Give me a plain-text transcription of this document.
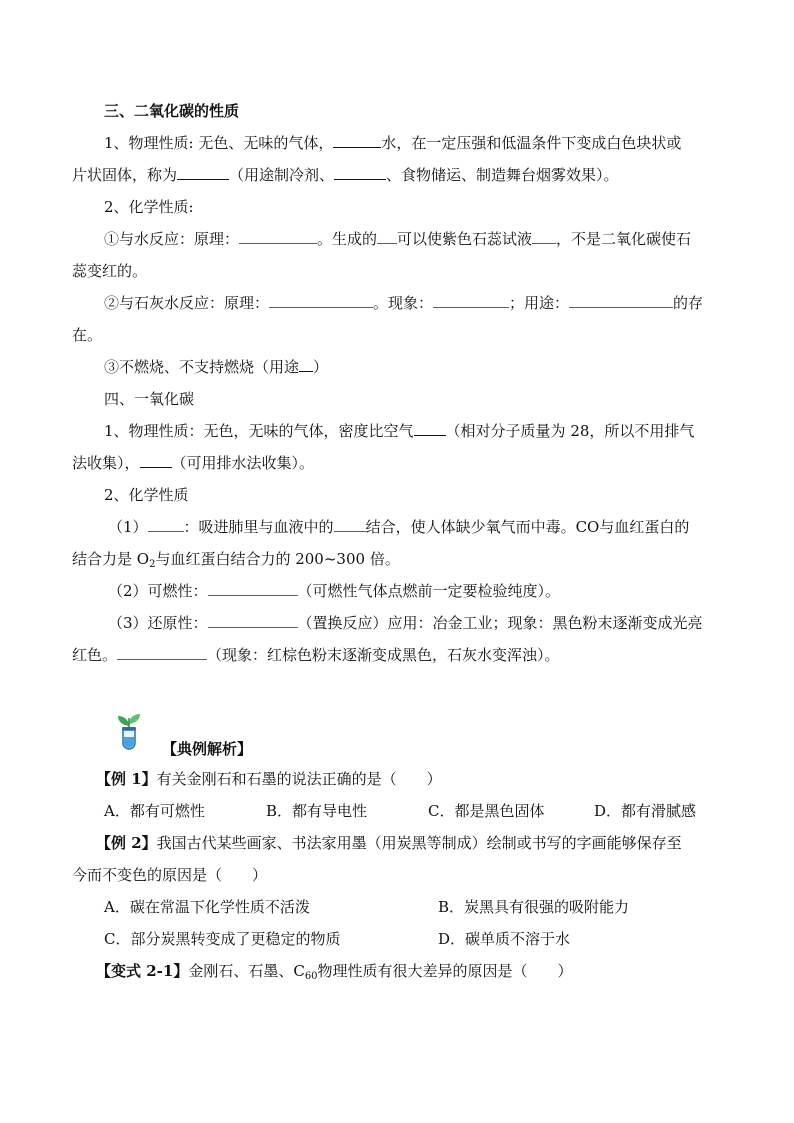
三、二氧化碳的性质
1、物理性质: 无色、无味的气体，	水，在一定压强和低温条件下变成白色块状或
片状固体，称为	（用途制冷剂、	、食物储运、制造舞台烟雾效果）。
2、化学性质:
①与水反应：原理：	。生成的 可以使紫色石蕊试液 ，不是二氧化碳使石
蕊变红的。
②与石灰水反应：原理：	。现象：	；用途：	的存
在。
③不燃烧、不支持燃烧（用途 ）
四、一氧化碳
1、物理性质：无色，无味的气体，密度比空气 （相对分子质量为 28，所以不用排气
法收集）， （可用排水法收集）。
2、化学性质
（1） ：吸进肺里与血液中的 结合，使人体缺少氧气而中毒。CO与血红蛋白的
结合力是 $O_2$与血红蛋白结合力的 200~300 倍。
（2）可燃性：	（可燃性气体点燃前一定要检验纯度）。
（3）还原性：	（置换反应）应用：冶金工业；现象：黑色粉末逐渐变成光亮
红色。	（现象：红棕色粉末逐渐变成黑色，石灰水变浑浊）。
【典例解析】
【例 1】有关金刚石和石墨的说法正确的是（　　）
A．都有可燃性	B．都有导电性	C．都是黑色固体	D．都有滑腻感
【例 2】我国古代某些画家、书法家用墨（用炭黑等制成）绘制或书写的字画能够保存至
今而不变色的原因是（　　）
A．碳在常温下化学性质不活泼	B．炭黑具有很强的吸附能力
C．部分炭黑转变成了更稳定的物质	D．碳单质不溶于水
【变式 2-1】金刚石、石墨、$C_{60}$物理性质有很大差异的原因是（　　）
